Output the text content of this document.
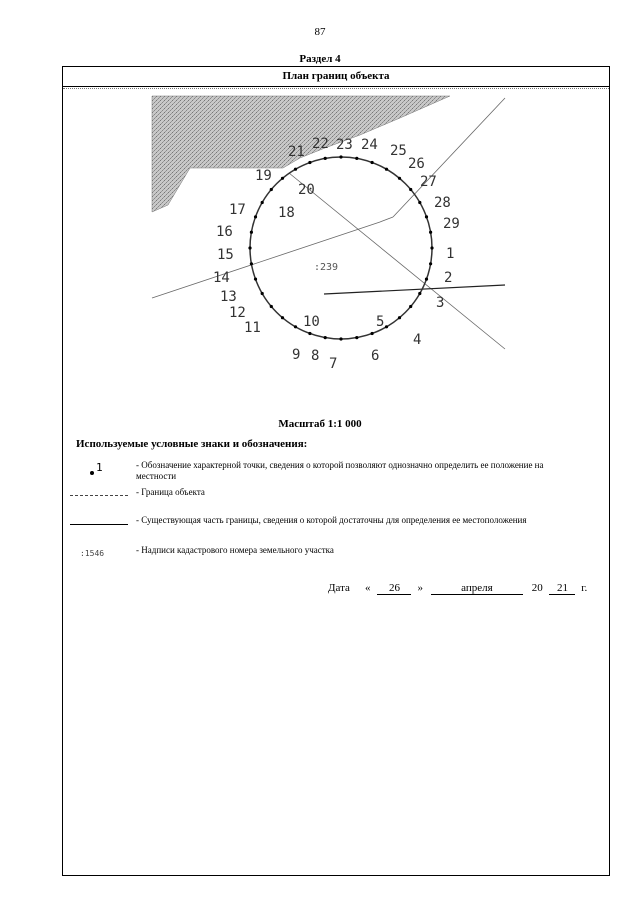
87
Раздел 4
План границ объекта
1
2
3
4
5
6
7
8
9
10
11
12
13
14
15
16
17 18
19
20
21 22 23 24 25
26
27
28
29
:239
Масштаб 1:1 000
Используемые условные знаки и обозначения:
1	- Обозначение характерной точки, сведения о которой позволяют однозначно определить ее положение на местности
- Граница объекта
- Существующая часть границы, сведения о которой достаточны для определения ее местоположения
:1546	- Надписи кадастрового номера земельного участка
Дата « 26 »	апреля	20 21 г.
